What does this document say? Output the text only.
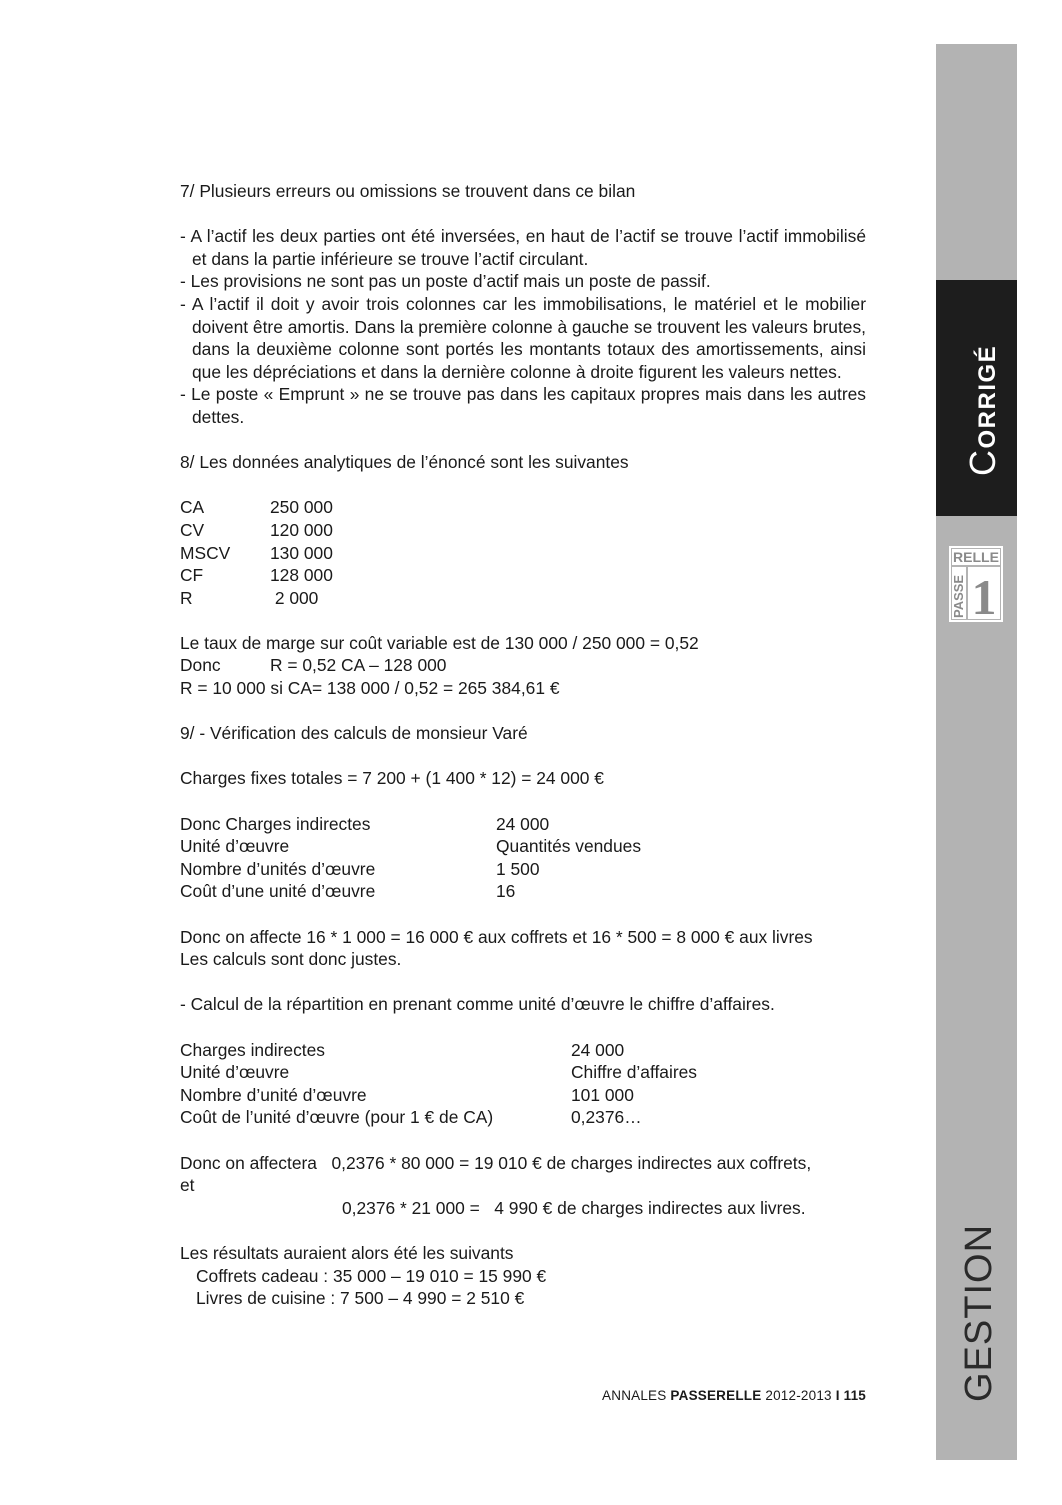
CORRIGÉ
RELLE
PASSE 1
GESTION

7/ Plusieurs erreurs ou omissions se trouvent dans ce bilan

- A l’actif les deux parties ont été inversées, en haut de l’actif se trouve l’actif immobilisé et dans la partie inférieure se trouve l’actif circulant.

- Les provisions ne sont pas un poste d’actif mais un poste de passif.

- A l’actif il doit y avoir trois colonnes car les immobilisations, le matériel et le mobilier doivent être amortis. Dans la première colonne à gauche se trouvent les valeurs brutes, dans la deuxième colonne sont portés les montants totaux des amortissements, ainsi que les dépréciations et dans la dernière colonne à droite figurent les valeurs nettes.

- Le poste « Emprunt » ne se trouve pas dans les capitaux propres mais dans les autres dettes.

8/ Les données analytiques de l’énoncé sont les suivantes

CA	250 000
CV	120 000
MSCV	130 000
CF	128 000
R	2 000

Le taux de marge sur coût variable est de 130 000 / 250 000 = 0,52

Donc	R = 0,52 CA – 128 000

R = 10 000 si CA= 138 000 / 0,52 = 265 384,61 €

9/ - Vérification des calculs de monsieur Varé

Charges fixes totales = 7 200 + (1 400 * 12) = 24 000 €

Donc Charges indirectes	24 000
Unité d’œuvre	Quantités vendues
Nombre d’unités d’œuvre	1 500
Coût d’une unité d’œuvre	16

Donc on affecte 16 * 1 000 = 16 000 € aux coffrets et 16 * 500 = 8 000 € aux livres

Les calculs sont donc justes.

- Calcul de la répartition en prenant comme unité d’œuvre le chiffre d’affaires.

Charges indirectes	24 000
Unité d’œuvre	Chiffre d’affaires
Nombre d’unité d’œuvre	101 000
Coût de l’unité d’œuvre (pour 1 € de CA)	0,2376…

Donc on affectera   0,2376 * 80 000 = 19 010 € de charges indirectes aux coffrets,

et

0,2376 * 21 000 =   4 990 € de charges indirectes aux livres.

Les résultats auraient alors été les suivants

Coffrets cadeau : 35 000 – 19 010 = 15 990 €

Livres de cuisine : 7 500 – 4 990 = 2 510 €

ANNALES PASSERELLE 2012-2013 I 115
